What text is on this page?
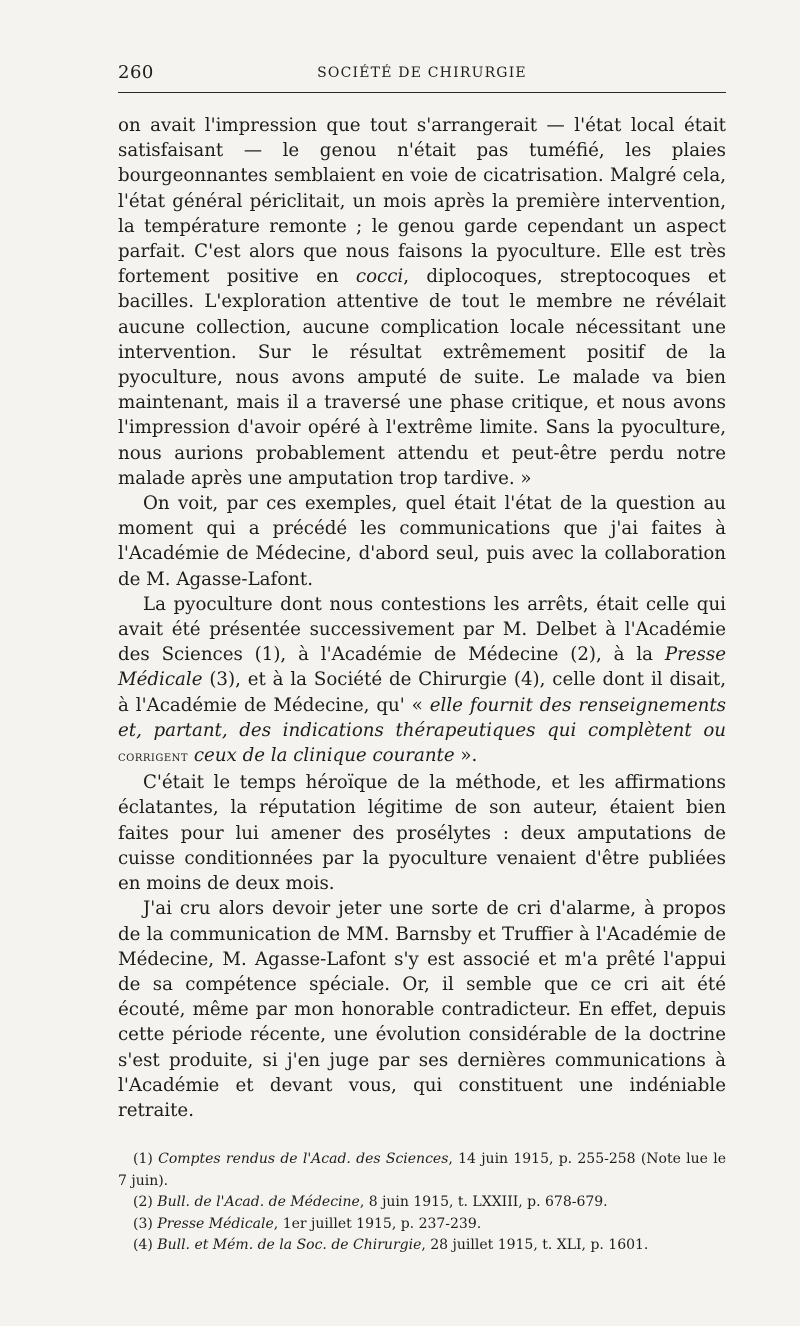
260	SOCIÉTÉ DE CHIRURGIE

on avait l'impression que tout s'arrangerait — l'état local était satisfaisant — le genou n'était pas tuméfié, les plaies bourgeonnantes semblaient en voie de cicatrisation. Malgré cela, l'état général périclitait, un mois après la première intervention, la température remonte ; le genou garde cependant un aspect parfait. C'est alors que nous faisons la pyoculture. Elle est très fortement positive en cocci, diplocoques, streptocoques et bacilles. L'exploration attentive de tout le membre ne révélait aucune collection, aucune complication locale nécessitant une intervention. Sur le résultat extrêmement positif de la pyoculture, nous avons amputé de suite. Le malade va bien maintenant, mais il a traversé une phase critique, et nous avons l'impression d'avoir opéré à l'extrême limite. Sans la pyoculture, nous aurions probablement attendu et peut-être perdu notre malade après une amputation trop tardive. »

On voit, par ces exemples, quel était l'état de la question au moment qui a précédé les communications que j'ai faites à l'Académie de Médecine, d'abord seul, puis avec la collaboration de M. Agasse-Lafont.

La pyoculture dont nous contestions les arrêts, était celle qui avait été présentée successivement par M. Delbet à l'Académie des Sciences (1), à l'Académie de Médecine (2), à la Presse Médicale (3), et à la Société de Chirurgie (4), celle dont il disait, à l'Académie de Médecine, qu' « elle fournit des renseignements et, partant, des indications thérapeutiques qui complètent ou corrigent ceux de la clinique courante ».

C'était le temps héroïque de la méthode, et les affirmations éclatantes, la réputation légitime de son auteur, étaient bien faites pour lui amener des prosélytes : deux amputations de cuisse conditionnées par la pyoculture venaient d'être publiées en moins de deux mois.

J'ai cru alors devoir jeter une sorte de cri d'alarme, à propos de la communication de MM. Barnsby et Truffier à l'Académie de Médecine, M. Agasse-Lafont s'y est associé et m'a prêté l'appui de sa compétence spéciale. Or, il semble que ce cri ait été écouté, même par mon honorable contradicteur. En effet, depuis cette période récente, une évolution considérable de la doctrine s'est produite, si j'en juge par ses dernières communications à l'Académie et devant vous, qui constituent une indéniable retraite.

(1) Comptes rendus de l'Acad. des Sciences, 14 juin 1915, p. 255-258 (Note lue le 7 juin).

(2) Bull. de l'Acad. de Médecine, 8 juin 1915, t. LXXIII, p. 678-679.

(3) Presse Médicale, 1er juillet 1915, p. 237-239.

(4) Bull. et Mém. de la Soc. de Chirurgie, 28 juillet 1915, t. XLI, p. 1601.
